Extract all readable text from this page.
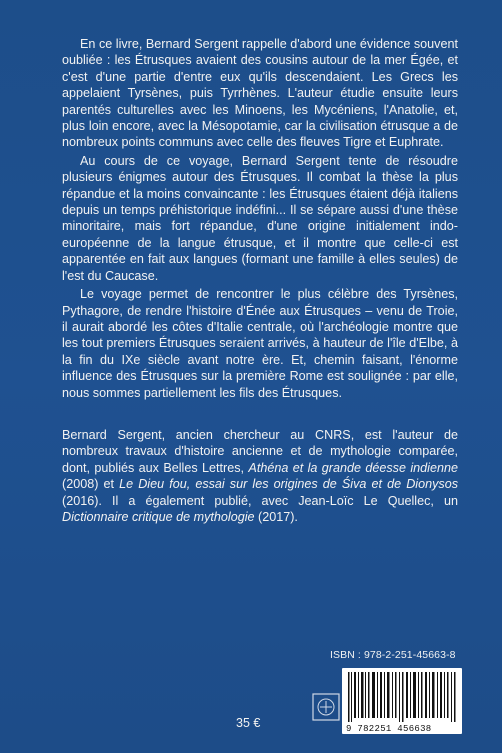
En ce livre, Bernard Sergent rappelle d'abord une évidence souvent oubliée : les Étrusques avaient des cousins autour de la mer Égée, et c'est d'une partie d'entre eux qu'ils descendaient. Les Grecs les appelaient Tyrsènes, puis Tyrrhènes. L'auteur étudie ensuite leurs parentés culturelles avec les Minoens, les Mycéniens, l'Anatolie, et, plus loin encore, avec la Mésopotamie, car la civilisation étrusque a de nombreux points communs avec celle des fleuves Tigre et Euphrate.

Au cours de ce voyage, Bernard Sergent tente de résoudre plusieurs énigmes autour des Étrusques. Il combat la thèse la plus répandue et la moins convaincante : les Étrusques étaient déjà italiens depuis un temps préhistorique indéfini... Il se sépare aussi d'une thèse minoritaire, mais fort répandue, d'une origine initialement indo-européenne de la langue étrusque, et il montre que celle-ci est apparentée en fait aux langues (formant une famille à elles seules) de l'est du Caucase.

Le voyage permet de rencontrer le plus célèbre des Tyrsènes, Pythagore, de rendre l'histoire d'Énée aux Étrusques – venu de Troie, il aurait abordé les côtes d'Italie centrale, où l'archéologie montre que les tout premiers Étrusques seraient arrivés, à hauteur de l'île d'Elbe, à la fin du IXe siècle avant notre ère. Et, chemin faisant, l'énorme influence des Étrusques sur la première Rome est soulignée : par elle, nous sommes partiellement les fils des Étrusques.

Bernard Sergent, ancien chercheur au CNRS, est l'auteur de nombreux travaux d'histoire ancienne et de mythologie comparée, dont, publiés aux Belles Lettres, Athéna et la grande déesse indienne (2008) et Le Dieu fou, essai sur les origines de Śiva et de Dionysos (2016). Il a également publié, avec Jean-Loïc Le Quellec, un Dictionnaire critique de mythologie (2017).

ISBN : 978-2-251-45663-8
9 782251 456638
35 €
